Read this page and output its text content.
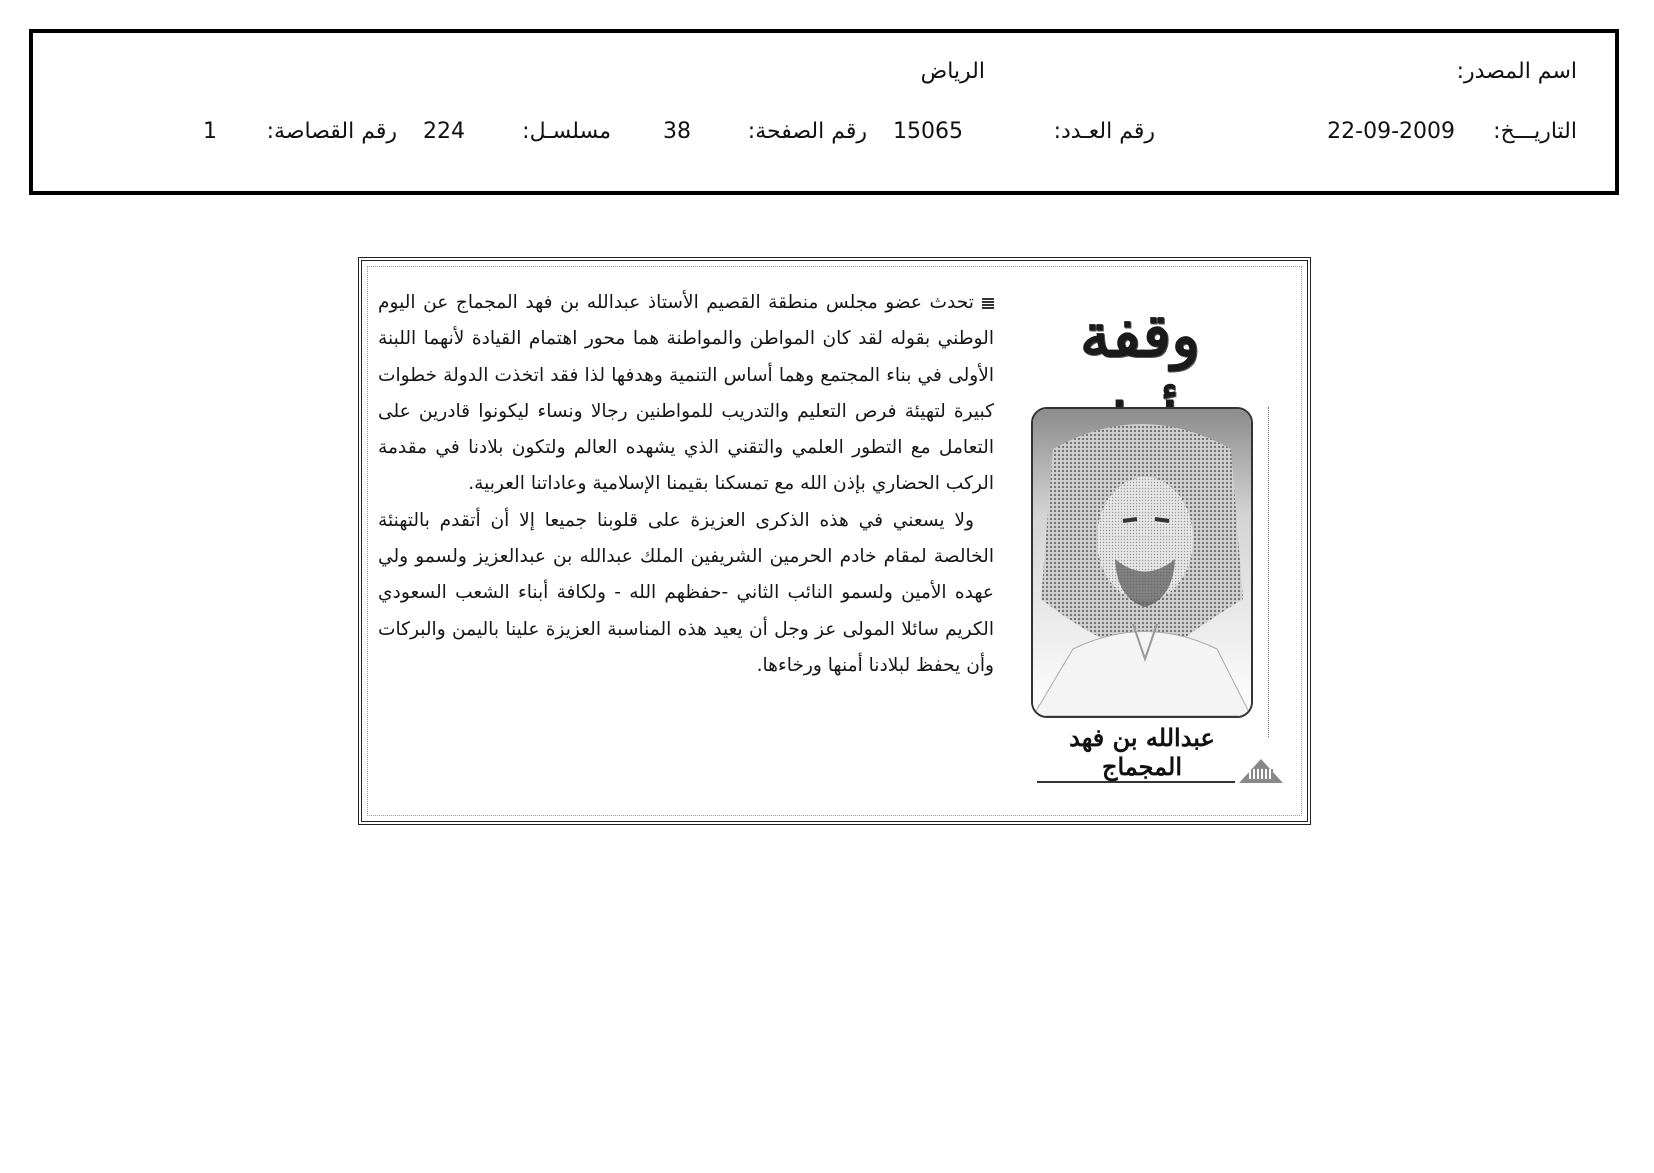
اسم المصدر:
الرياض
التاريـــخ:
22-09-2009
رقم العـدد:
15065
رقم الصفحة:
38
مسلسـل:
224
رقم القصاصة:
1

تحدث عضو مجلس منطقة القصيم الأستاذ عبدالله بن فهد المجماج عن اليوم الوطني بقوله لقد كان المواطن والمواطنة هما محور اهتمام القيادة لأنهما اللبنة الأولى في بناء المجتمع وهما أساس التنمية وهدفها لذا فقد اتخذت الدولة خطوات كبيرة لتهيئة فرص التعليم والتدريب للمواطنين رجالا ونساء ليكونوا قادرين على التعامل مع التطور العلمي والتقني الذي يشهده العالم ولتكون بلادنا في مقدمة الركب الحضاري بإذن الله مع تمسكنا بقيمنا الإسلامية وعاداتنا العربية.

ولا يسعني في هذه الذكرى العزيزة على قلوبنا جميعا إلا أن أتقدم بالتهنئة الخالصة لمقام خادم الحرمين الشريفين الملك عبدالله بن عبدالعزيز ولسمو ولي عهده الأمين ولسمو النائب الثاني -حفظهم الله - ولكافة أبناء الشعب السعودي الكريم سائلا المولى عز وجل أن يعيد هذه المناسبة العزيزة علينا باليمن والبركات وأن يحفظ لبلادنا أمنها ورخاءها.

وقفة
عبدالله بن فهد المجماج
